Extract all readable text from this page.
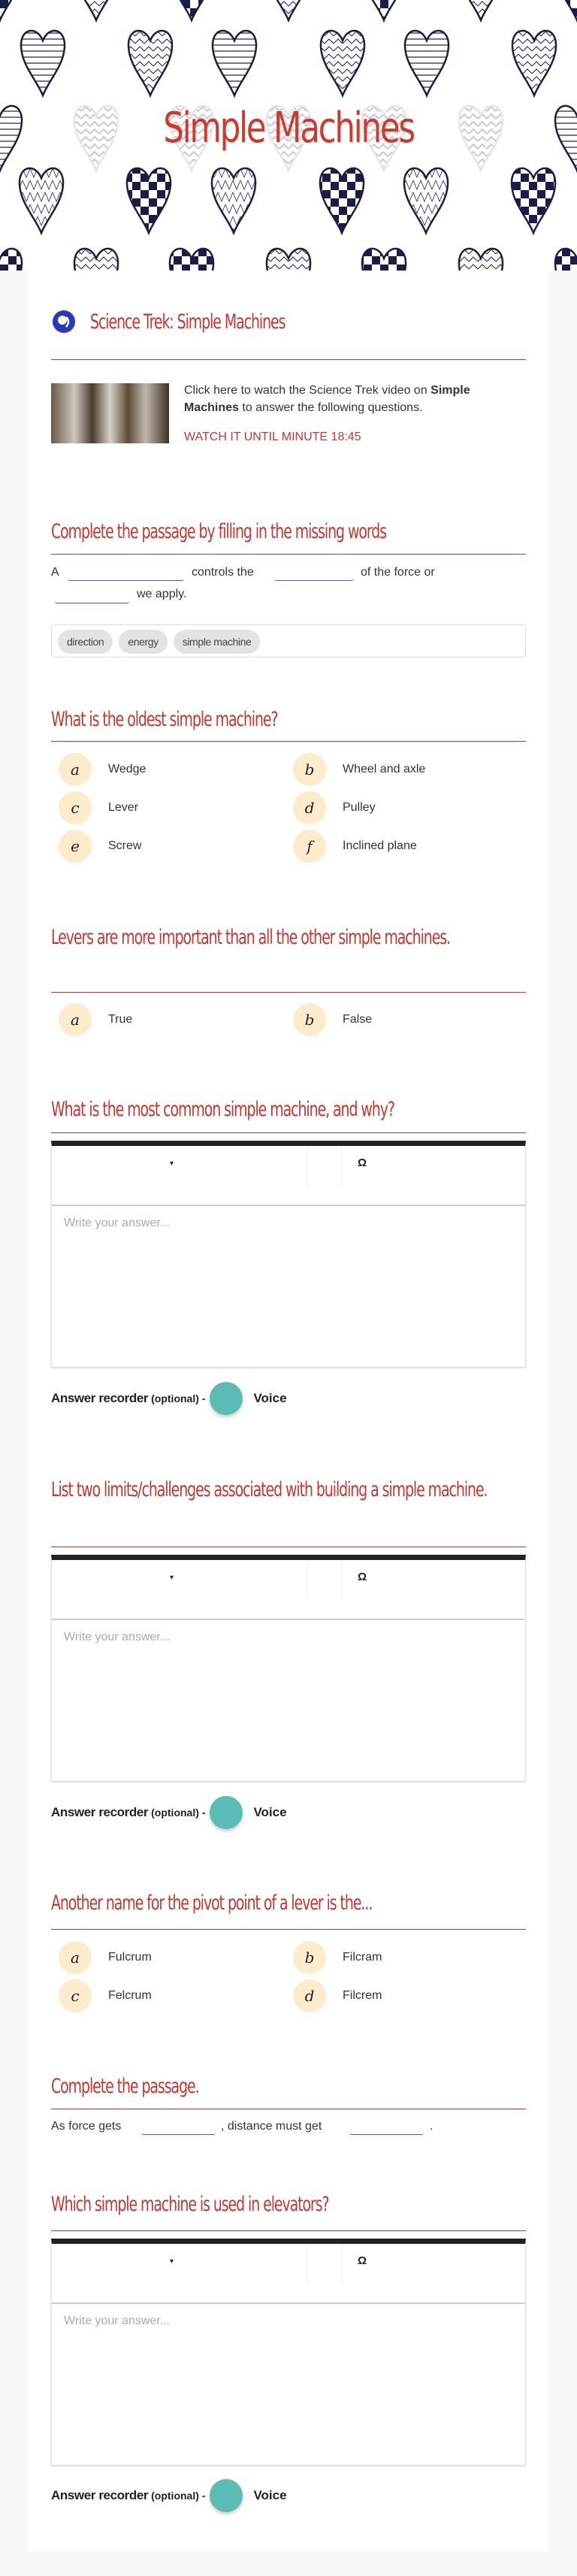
Simple Machines
Science Trek: Simple Machines
Click here to watch the Science Trek video on Simple
Machines to answer the following questions.
WATCH IT UNTIL MINUTE 18:45
Complete the passage by filling in the missing words
A	controls the	of the force or
we apply.
direction	energy	simple machine
What is the oldest simple machine?
Levers are more important than all the other simple machines.
What is the most common simple machine, and why?
▾	Ω
Write your answer...
Answer recorder (optional) -	Voice
List two limits/challenges associated with building a simple machine.
▾	Ω
Write your answer...
Answer recorder (optional) -	Voice
Another name for the pivot point of a lever is the...
Complete the passage.
As force gets	, distance must get	.
Which simple machine is used in elevators?
▾	Ω
Write your answer...
Answer recorder (optional) -	Voice
a	Wedge	b	Wheel and axle
c	Lever	d	Pulley
e	Screw	f	Inclined plane
a	True	b	False
a	Fulcrum	b	Filcram
c	Felcrum	d	Filcrem
